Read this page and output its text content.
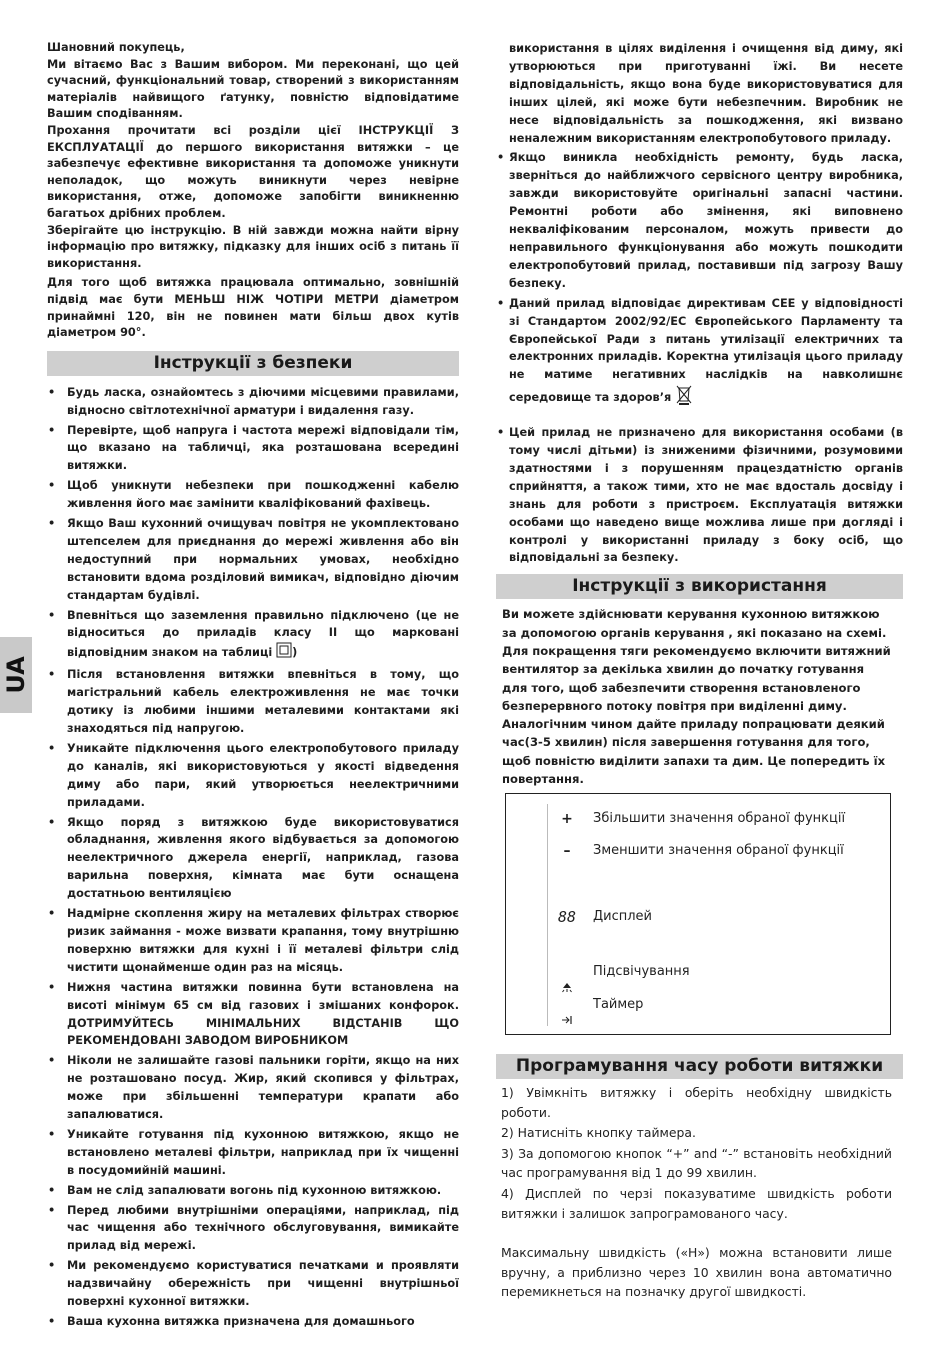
Шановний покупець,

Ми вітаємо Вас з Вашим вибором. Ми переконані, що цей сучасний, функціональний товар, створений з використанням матеріалів найвищого ґатунку, повністю відповідатиме Вашим сподіванням.

Прохання прочитати всі розділи цієї ІНСТРУКЦІЇ З ЕКСПЛУАТАЦІЇ до першого використання витяжки – це забезпечує ефективне використання та допоможе уникнути неполадок, що можуть виникнути через невірне використання, отже, допоможе запобігти виникненню багатьох дрібних проблем.

Зберігайте цю інструкцію. В ній завжди можна найти вірну інформацію про витяжку, підказку для інших осіб з питань її використання.

Для того щоб витяжка працювала оптимально, зовнішній підвід має бути МЕНЬШ НІЖ ЧОТІРИ МЕТРИ діаметром принаймні 120, він не повинен мати більш двох кутів діаметром 90°.

Інструкції з безпеки
• Будь ласка, ознайомтесь з діючими місцевими правилами, відносно світлотехнічної арматури і видалення газу.
• Перевірте, щоб напруга і частота мережі відповідали тім, що вказано на табличці, яка розташована всередині витяжки.
• Щоб уникнути небезпеки при пошкодженні кабелю живлення його має замінити кваліфікований фахівець.
• Якщо Ваш кухонний очищувач повітря не укомплектовано штепселем для приєднання до мережі живлення або він недоступний при нормальних умовах, необхідно встановити вдома розділовий вимикач, відповідно діючим стандартам будівлі.
• Впевніться що заземлення правильно підключено (це не відноситься до приладів класу II що марковані відповідним знаком на таблиці )
• Після встановлення витяжки впевніться в тому, що магістральний кабель електроживлення не має точки дотику із любими іншими металевими контактами які знаходяться під напругою.
• Уникайте підключення цього електропобутового приладу до каналів, які використовуються у якості відведення диму або пари, який утворюється неелектричними приладами.
• Якщо поряд з витяжкою буде використовуватися обладнання, живлення якого відбувається за допомогою неелектричного джерела енергії, наприклад, газова варильна поверхня, кімната має бути оснащена достатньою вентиляцією
• Надмірне скоплення жиру на металевих фільтрах створює ризик займання - може визвати крапання, тому внутрішню поверхню витяжки для кухні і її металеві фільтри слід чистити щонайменше один раз на місяць.
• Нижня частина витяжки повинна бути встановлена на висоті мінімум 65 см від газових і змішаних конфорок. ДОТРИМУЙТЕСЬ МІНІМАЛЬНИХ ВІДСТАНІВ ЩО РЕКОМЕНДОВАНІ ЗАВОДОМ ВИРОБНИКОМ
• Ніколи не залишайте газові пальники горіти, якщо на них не розташовано посуд. Жир, який скопився у фільтрах, може при збільшенні температури крапати або запалюватися.
• Уникайте готування під кухонною витяжкою, якщо не встановлено металеві фільтри, наприклад при їх чищенні в посудомийній машині.
• Вам не слід запалювати вогонь під кухонною витяжкою.
• Перед любими внутрішніми операціями, наприклад, під час чищення або технічного обслуговування, вимикайте прилад від мережі.
• Ми рекомендуємо користуватися печатками и проявляти надзвичайну обережність при чищенні внутрішньої поверхні кухонної витяжки.
• Ваша кухонна витяжка призначена для домашнього
використання в цілях виділення і очищення від диму, які утворюються при приготуванні їжі. Ви несете відповідальність, якщо вона буде використовуватися для інших цілей, які може бути небезпечним. Виробник не несе відповідальність за пошкодження, які визвано неналежним використанням електропобутового приладу.
• Якщо виникла необхідність ремонту, будь ласка, зверніться до найближчого сервісного центру виробника, завжди використовуйте оригінальні запасні частини. Ремонтні роботи або змінення, які виповнено некваліфікованим персоналом, можуть привести до неправильного функціонування або можуть пошкодити електропобутовий прилад, поставивши під загрозу Вашу безпеку.
• Даний прилад відповідає директивам CEE у відповідності зі Стандартом 2002/92/EC Європейського Парламенту та Європейської Ради з питань утилізації електричних та електронних приладів. Коректна утилізація цього приладу не матиме негативних наслідків на навколишнє середовище та здоров’я
• Цей прилад не призначено для використання особами (в тому числі дітьми) із зниженими фізичними, розумовими здатностями і з порушенням працездатністю органів сприйняття, а також тими, хто не має вдосталь досвіду і знань для роботи з пристроєм. Експлуатація витяжки особами що наведено вище можлива лише при догляді і контролі у використанні приладу з боку осіб, що відповідальні за безпеку.
Інструкції з використання

Ви можете здійснювати керування кухонною витяжкою

за допомогою органів керування , які показано на схемі.

Для покращення тяги рекомендуємо включити витяжний

вентилятор за декілька хвилин до початку готування

для того, щоб забезпечити створення встановленого

безперервного потоку повітря при виділенні диму.

Аналогічним чином дайте приладу попрацювати деякий

час(3-5 хвилин) після завершення готування для того,

щоб повністю виділити запахи та дим. Це попередить їх

повертання.

+	Збільшити значення обраної функції
–	Зменшити значення обраної функції
88	Дисплей
Підсвічування
Таймер
Програмування часу роботи витяжки

1) Увімкніть витяжку і оберіть необхідну швидкість роботи.

2) Натисніть кнопку таймера.

3) За допомогою кнопок “+” and “-” встановіть необхідний час програмування від 1 до 99 хвилин.

4) Дисплей по черзі показуватиме швидкість роботи витяжки і залишок запрограмованого часу.

Максимальну швидкість («H») можна встановити лише вручну, а приблизно через 10 хвилин вона автоматично перемикнеться на позначку другої швидкості.

UA
